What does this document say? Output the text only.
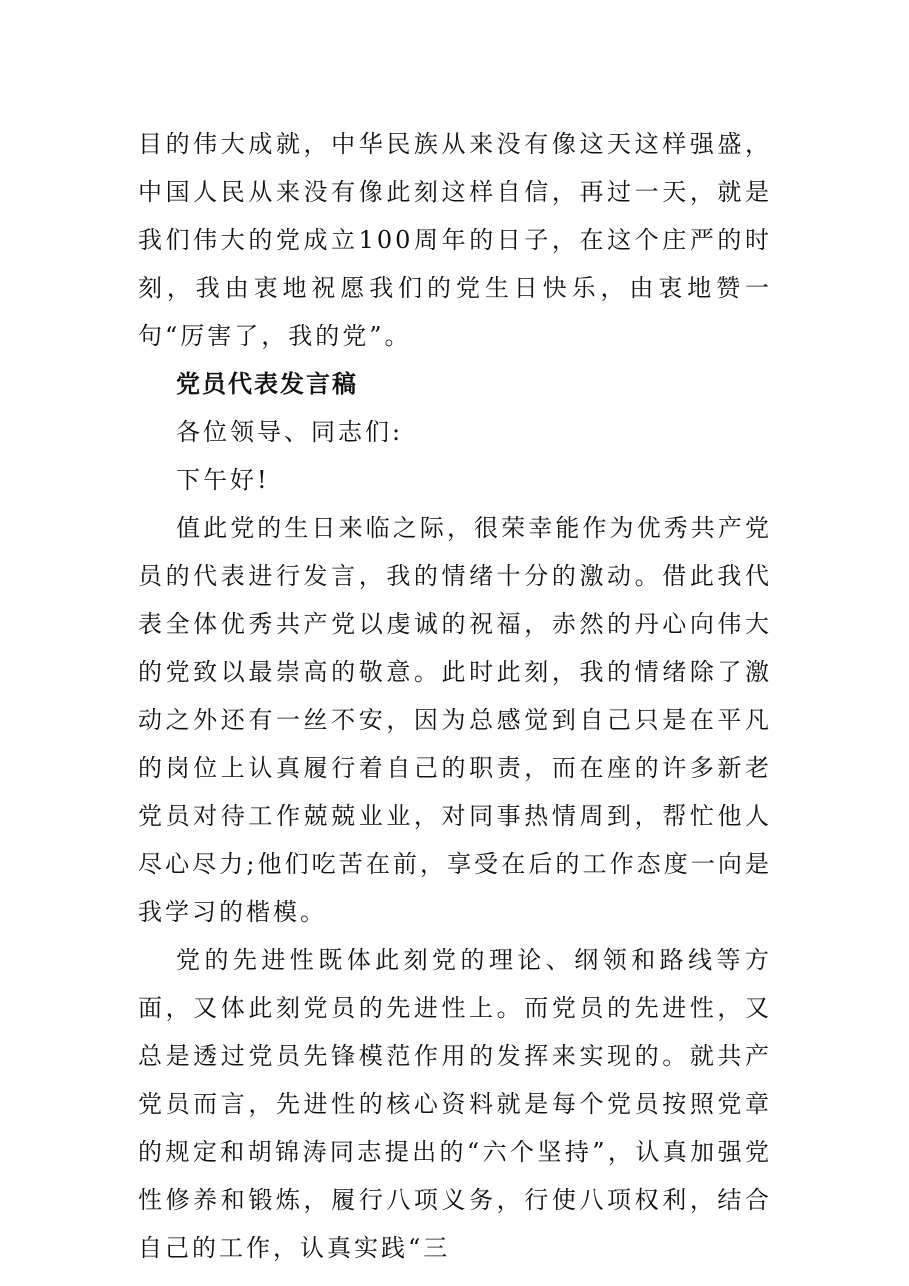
目的伟大成就，中华民族从来没有像这天这样强盛，中国人民从来没有像此刻这样自信，再过一天，就是我们伟大的党成立100周年的日子，在这个庄严的时刻，我由衷地祝愿我们的党生日快乐，由衷地赞一句“厉害了，我的党”。

党员代表发言稿

各位领导、同志们:

下午好!

值此党的生日来临之际，很荣幸能作为优秀共产党员的代表进行发言，我的情绪十分的激动。借此我代表全体优秀共产党以虔诚的祝福，赤然的丹心向伟大的党致以最崇高的敬意。此时此刻，我的情绪除了激动之外还有一丝不安，因为总感觉到自己只是在平凡的岗位上认真履行着自己的职责，而在座的许多新老党员对待工作兢兢业业，对同事热情周到，帮忙他人尽心尽力;他们吃苦在前，享受在后的工作态度一向是我学习的楷模。

党的先进性既体此刻党的理论、纲领和路线等方面，又体此刻党员的先进性上。而党员的先进性，又总是透过党员先锋模范作用的发挥来实现的。就共产党员而言，先进性的核心资料就是每个党员按照党章的规定和胡锦涛同志提出的“六个坚持”，认真加强党性修养和锻炼，履行八项义务，行使八项权利，结合自己的工作，认真实践“三
